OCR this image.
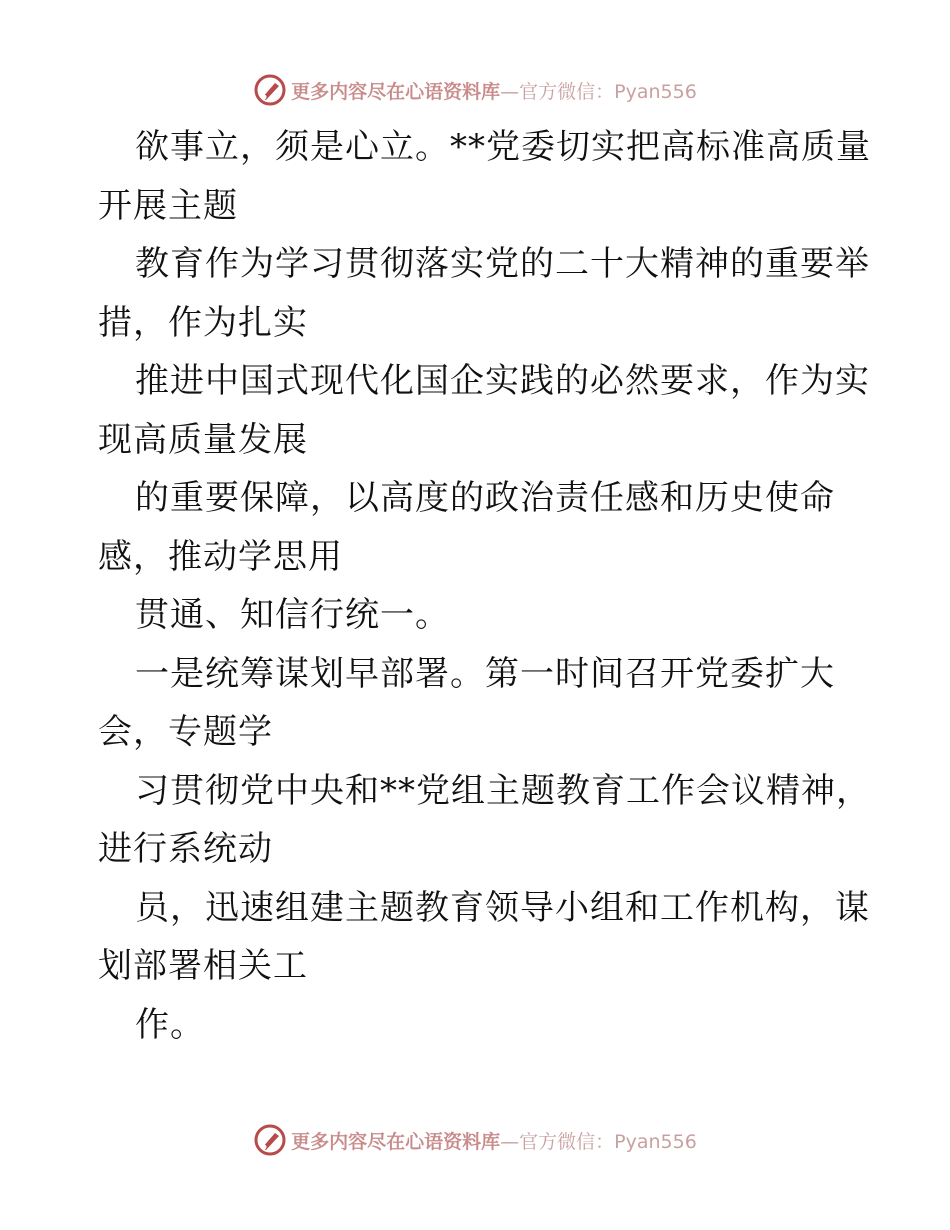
更多内容尽在心语资料库 —官方微信：Pyan556
欲事立，须是心立。**党委切实把高标准高质量
开展主题
教育作为学习贯彻落实党的二十大精神的重要举
措，作为扎实
推进中国式现代化国企实践的必然要求，作为实
现高质量发展
的重要保障，以高度的政治责任感和历史使命
感，推动学思用
贯通、知信行统一。
一是统筹谋划早部署。第一时间召开党委扩大
会，专题学
习贯彻党中央和**党组主题教育工作会议精神，
进行系统动
员，迅速组建主题教育领导小组和工作机构，谋
划部署相关工
作。
更多内容尽在心语资料库 —官方微信：Pyan556
